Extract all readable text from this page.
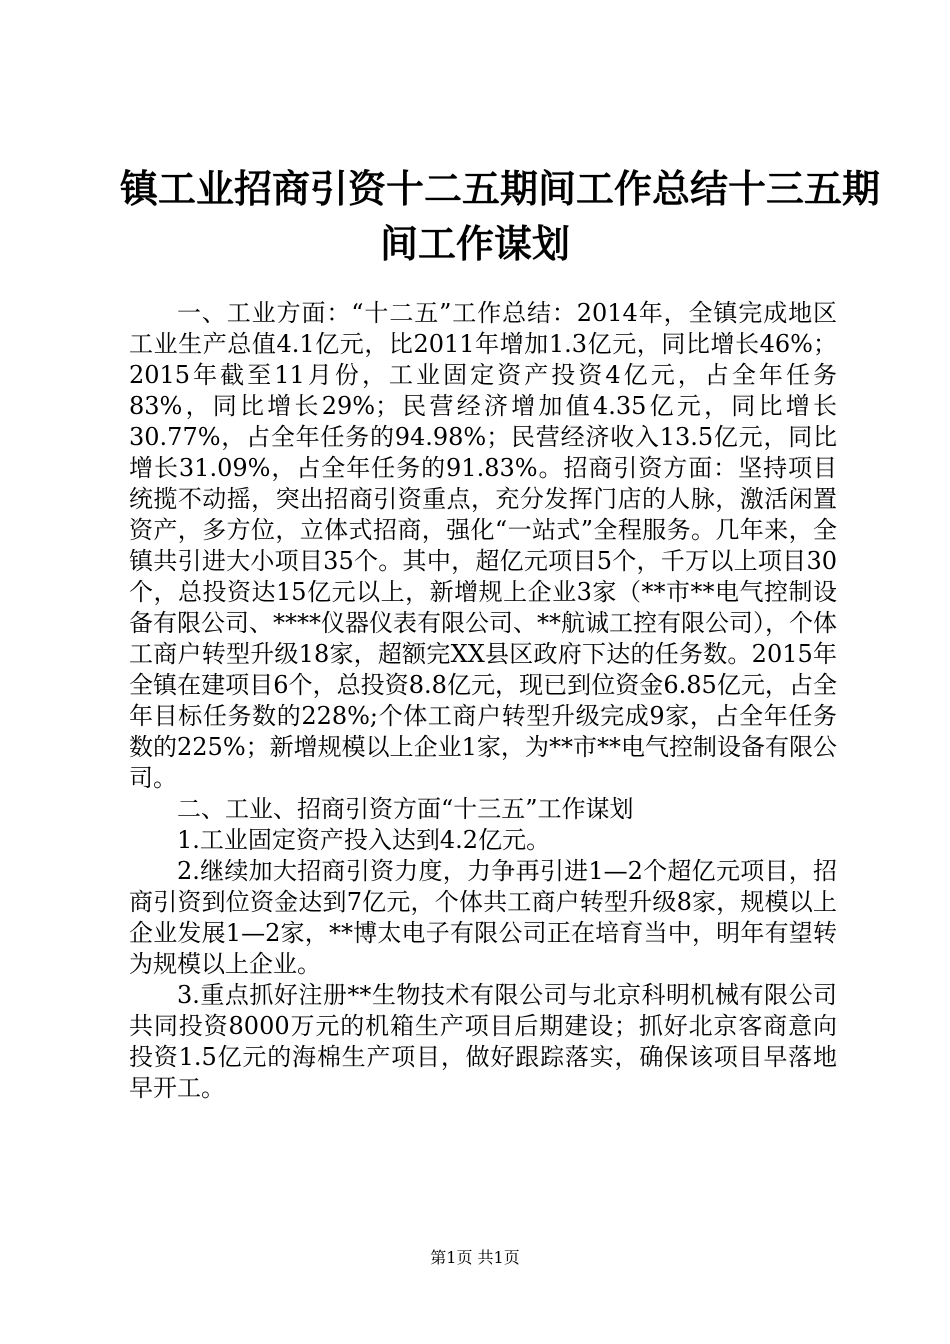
镇工业招商引资十二五期间工作总结十三五期
间工作谋划

一、工业方面：“十二五”工作总结：2014年，全镇完成地区工业生产总值4.1亿元，比2011年增加1.3亿元，同比增长46%；2015年截至11月份，工业固定资产投资4亿元，占全年任务83%，同比增长29%；民营经济增加值4.35亿元，同比增长30.77%，占全年任务的94.98%；民营经济收入13.5亿元，同比增长31.09%，占全年任务的91.83%。招商引资方面：坚持项目统揽不动摇，突出招商引资重点，充分发挥门店的人脉，激活闲置资产，多方位，立体式招商，强化“一站式”全程服务。几年来，全镇共引进大小项目35个。其中，超亿元项目5个，千万以上项目30个，总投资达15亿元以上，新增规上企业3家（**市**电气控制设备有限公司、****仪器仪表有限公司、**航诚工控有限公司），个体工商户转型升级18家，超额完XX县区政府下达的任务数。2015年全镇在建项目6个，总投资8.8亿元，现已到位资金6.85亿元，占全年目标任务数的228%;个体工商户转型升级完成9家，占全年任务数的225%；新增规模以上企业1家，为**市**电气控制设备有限公司。

二、工业、招商引资方面“十三五”工作谋划

1.工业固定资产投入达到4.2亿元。

2.继续加大招商引资力度，力争再引进1—2个超亿元项目，招商引资到位资金达到7亿元，个体共工商户转型升级8家，规模以上企业发展1—2家，**博太电子有限公司正在培育当中，明年有望转为规模以上企业。

3.重点抓好注册**生物技术有限公司与北京科明机械有限公司共同投资8000万元的机箱生产项目后期建设；抓好北京客商意向投资1.5亿元的海棉生产项目，做好跟踪落实，确保该项目早落地早开工。

第1页 共1页
